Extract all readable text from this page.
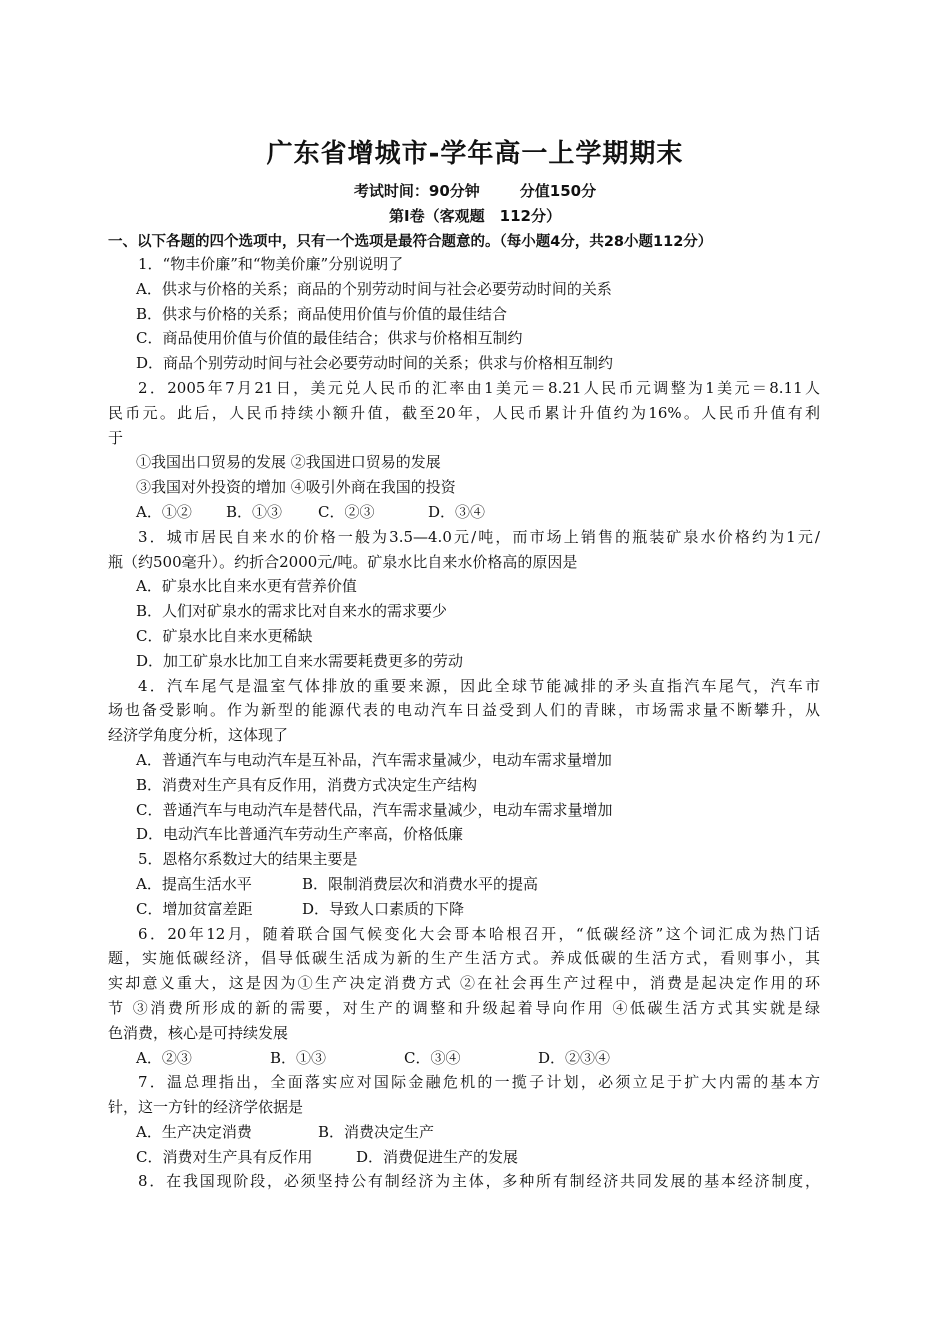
广东省增城市-学年高一上学期期末
考试时间：90分钟	分值150分
第Ⅰ卷（客观题　112分）
一、以下各题的四个选项中，只有一个选项是最符合题意的。（每小题4分，共28小题112分）
1．“物丰价廉”和“物美价廉”分别说明了
A．供求与价格的关系；商品的个别劳动时间与社会必要劳动时间的关系
B．供求与价格的关系；商品使用价值与价值的最佳结合
C．商品使用价值与价值的最佳结合；供求与价格相互制约
D．商品个别劳动时间与社会必要劳动时间的关系；供求与价格相互制约
2．2005年7月21日，美元兑人民币的汇率由1美元＝8.21人民币元调整为1美元＝8.11人
民币元。此后，人民币持续小额升值，截至20年，人民币累计升值约为16%。人民币升值有利
于
①我国出口贸易的发展 ②我国进口贸易的发展
③我国对外投资的增加 ④吸引外商在我国的投资
A．①②	B．①③	C．②③	D．③④
3．城市居民自来水的价格一般为3.5—4.0元/吨，而市场上销售的瓶装矿泉水价格约为1元/
瓶（约500毫升）。约折合2000元/吨。矿泉水比自来水价格高的原因是
A．矿泉水比自来水更有营养价值
B．人们对矿泉水的需求比对自来水的需求要少
C．矿泉水比自来水更稀缺
D．加工矿泉水比加工自来水需要耗费更多的劳动
4．汽车尾气是温室气体排放的重要来源，因此全球节能减排的矛头直指汽车尾气，汽车市
场也备受影响。作为新型的能源代表的电动汽车日益受到人们的青睐，市场需求量不断攀升，从
经济学角度分析，这体现了
A．普通汽车与电动汽车是互补品，汽车需求量减少，电动车需求量增加
B．消费对生产具有反作用，消费方式决定生产结构
C．普通汽车与电动汽车是替代品，汽车需求量减少，电动车需求量增加
D．电动汽车比普通汽车劳动生产率高，价格低廉
5．恩格尔系数过大的结果主要是
A．提高生活水平	B．限制消费层次和消费水平的提高
C．增加贫富差距	D．导致人口素质的下降
6．20年12月，随着联合国气候变化大会哥本哈根召开，“低碳经济”这个词汇成为热门话
题，实施低碳经济，倡导低碳生活成为新的生产生活方式。养成低碳的生活方式，看则事小，其
实却意义重大，这是因为①生产决定消费方式 ②在社会再生产过程中，消费是起决定作用的环
节 ③消费所形成的新的需要，对生产的调整和升级起着导向作用 ④低碳生活方式其实就是绿
色消费，核心是可持续发展
A．②③	B．①③	C．③④	D．②③④
7．温总理指出，全面落实应对国际金融危机的一揽子计划，必须立足于扩大内需的基本方
针，这一方针的经济学依据是
A．生产决定消费	B．消费决定生产
C．消费对生产具有反作用	D．消费促进生产的发展
8．在我国现阶段，必须坚持公有制经济为主体，多种所有制经济共同发展的基本经济制度，
